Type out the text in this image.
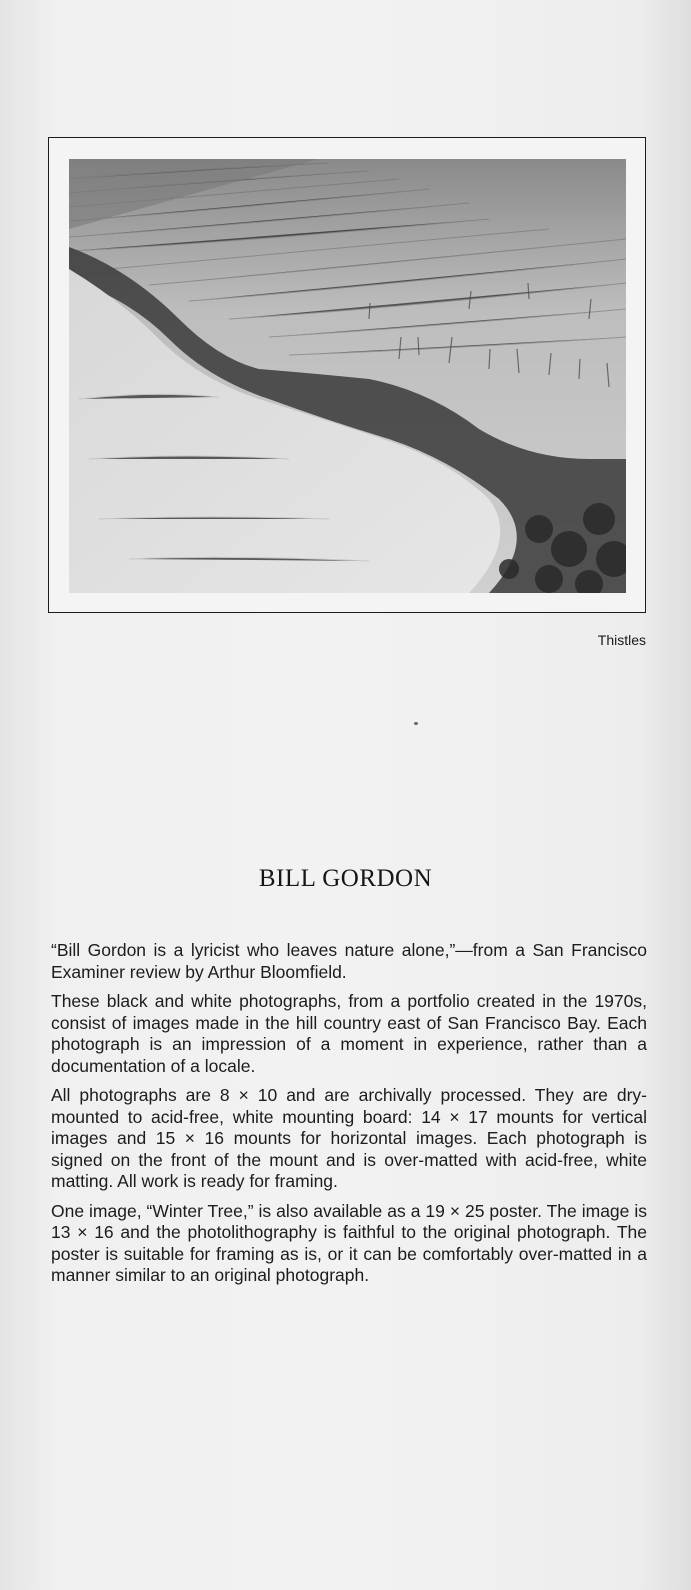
Thistles
BILL GORDON

“Bill Gordon is a lyricist who leaves nature alone,”—from a San Francisco Examiner review by Arthur Bloomfield.

These black and white photographs, from a portfolio created in the 1970s, consist of images made in the hill country east of San Francisco Bay. Each photograph is an impression of a moment in experience, rather than a documentation of a locale.

All photographs are 8 × 10 and are archivally processed. They are dry-mounted to acid-free, white mounting board: 14 × 17 mounts for vertical images and 15 × 16 mounts for horizontal images. Each photograph is signed on the front of the mount and is over-matted with acid-free, white matting. All work is ready for framing.

One image, “Winter Tree,” is also available as a 19 × 25 poster. The image is 13 × 16 and the photolithography is faithful to the original photograph. The poster is suitable for framing as is, or it can be comfortably over-matted in a manner similar to an original photograph.
